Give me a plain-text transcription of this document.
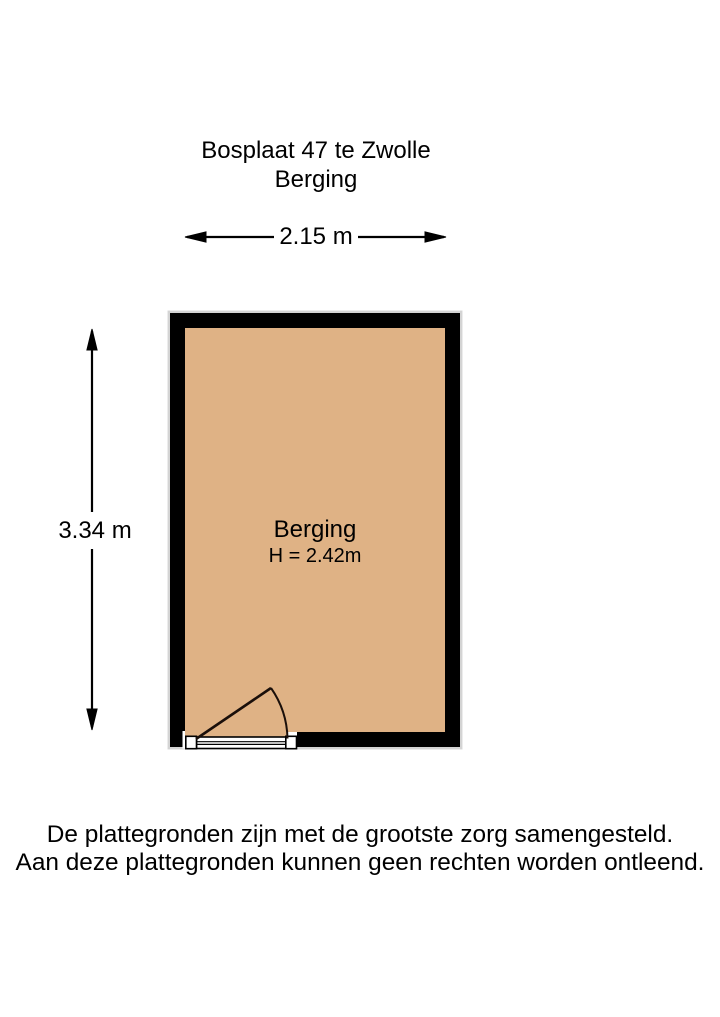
Bosplaat 47 te Zwolle
Berging
2.15 m
3.34 m	Berging
H = 2.42m
De plattegronden zijn met de grootste zorg samengesteld.
Aan deze plattegronden kunnen geen rechten worden ontleend.
